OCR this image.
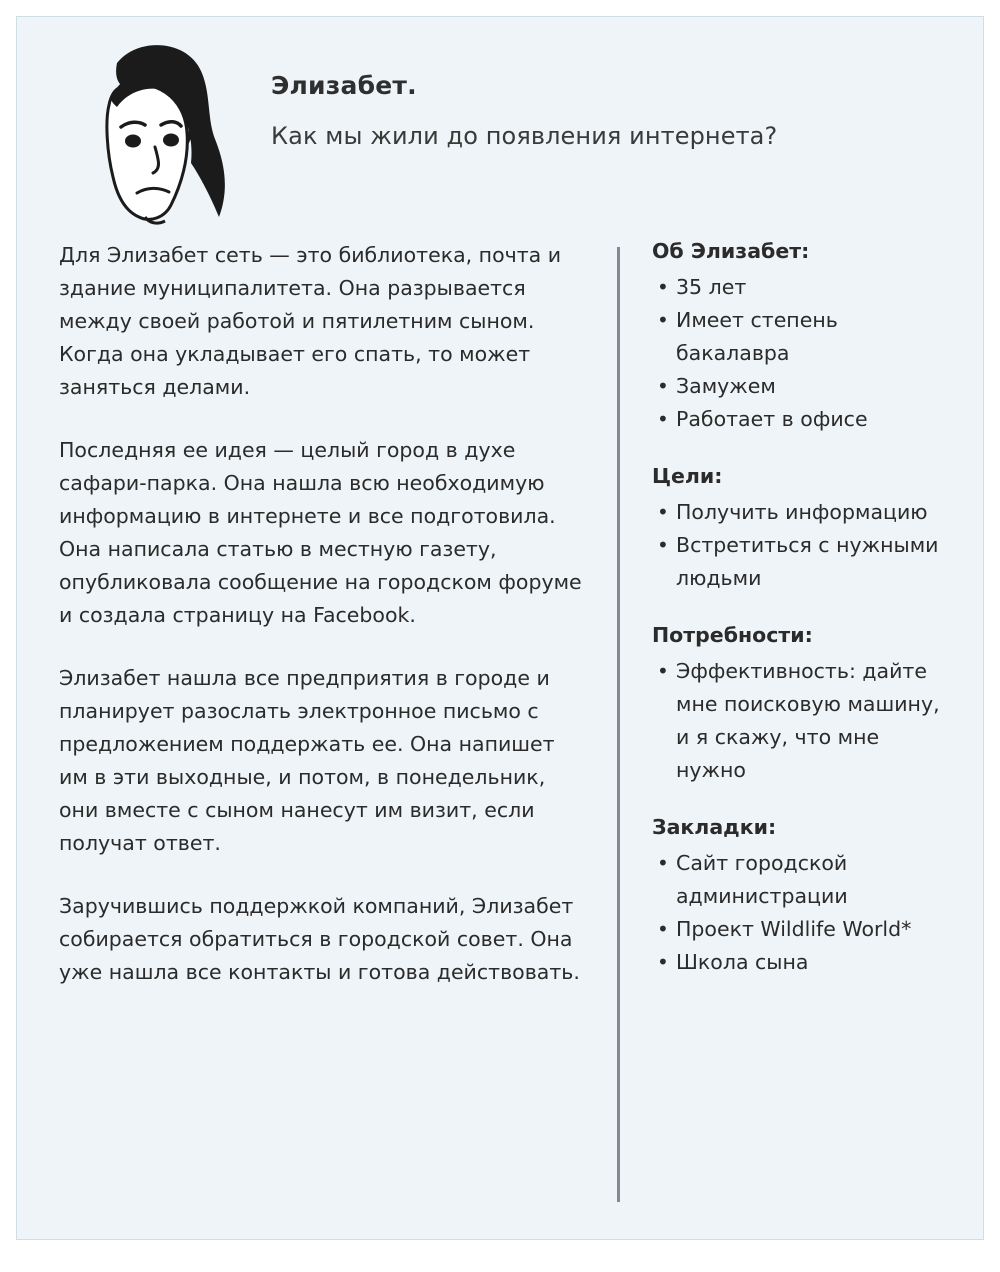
Элизабет.

Как мы жили до появления интернета?

Для Элизабет сеть — это библиотека, почта и здание муниципалитета. Она разрывается между своей работой и пятилетним сыном. Когда она укладывает его спать, то может заняться делами.

Последняя ее идея — целый город в духе сафари-парка. Она нашла всю необходимую информацию в интернете и все подготовила. Она написала статью в местную газету, опубликовала сообщение на городском форуме и создала страницу на Facebook.

Элизабет нашла все предприятия в городе и планирует разослать электронное письмо с предложением поддержать ее. Она напишет им в эти выходные, и потом, в понедельник, они вместе с сыном нанесут им визит, если получат ответ.

Заручившись поддержкой компаний, Элизабет собирается обратиться в городской совет. Она уже нашла все контакты и готова действовать.

Об Элизабет:
• 35 лет
• Имеет степень бакалавра
• Замужем
• Работает в офисе
Цели:
• Получить информацию
• Встретиться с нужными людьми
Потребности:
• Эффективность: дайте мне поисковую машину, и я скажу, что мне нужно
Закладки:
• Сайт городской администрации
• Проект Wildlife World*
• Школа сына
